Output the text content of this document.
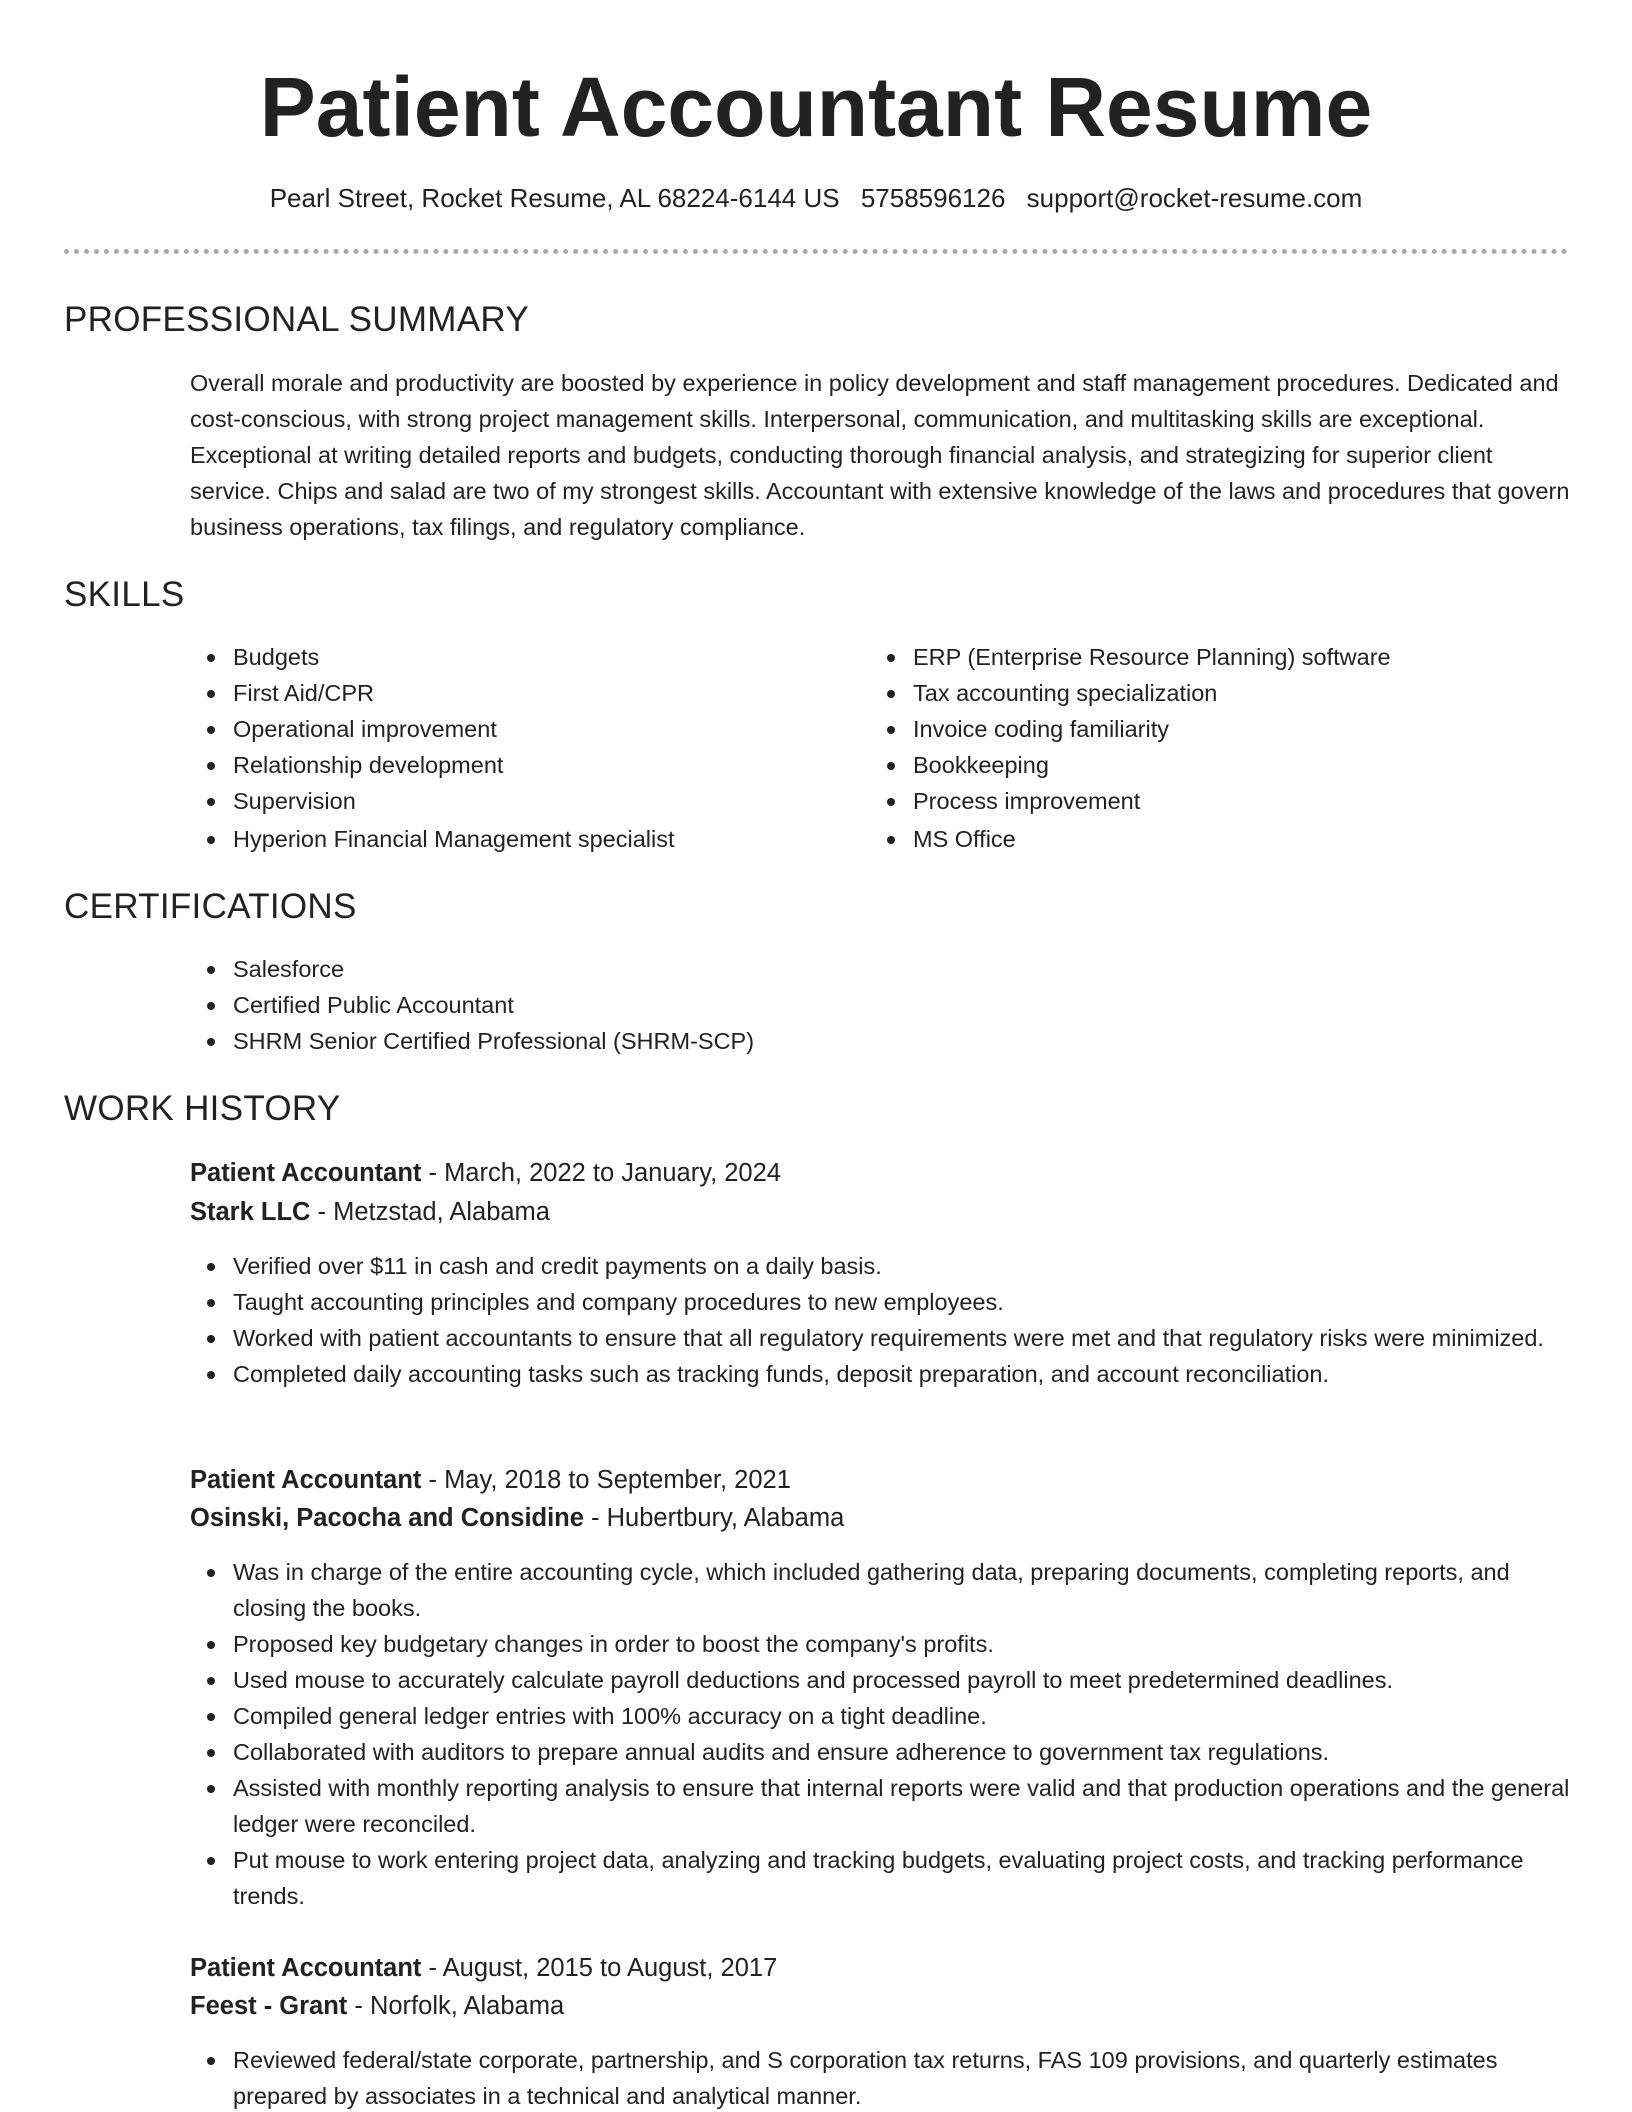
Patient Accountant Resume
Pearl Street, Rocket Resume, AL 68224-6144 US 5758596126 support@rocket-resume.com
PROFESSIONAL SUMMARY
Overall morale and productivity are boosted by experience in policy development and staff management procedures. Dedicated and cost-conscious, with strong project management skills. Interpersonal, communication, and multitasking skills are exceptional. Exceptional at writing detailed reports and budgets, conducting thorough financial analysis, and strategizing for superior client service. Chips and salad are two of my strongest skills. Accountant with extensive knowledge of the laws and procedures that govern business operations, tax filings, and regulatory compliance.
SKILLS
Budgets
First Aid/CPR
Operational improvement
Relationship development
Supervision
Hyperion Financial Management specialist
ERP (Enterprise Resource Planning) software
Tax accounting specialization
Invoice coding familiarity
Bookkeeping
Process improvement
MS Office
CERTIFICATIONS
Salesforce
Certified Public Accountant
SHRM Senior Certified Professional (SHRM-SCP)
WORK HISTORY
Patient Accountant - March, 2022 to January, 2024
Stark LLC - Metzstad, Alabama
Verified over $11 in cash and credit payments on a daily basis.
Taught accounting principles and company procedures to new employees.
Worked with patient accountants to ensure that all regulatory requirements were met and that regulatory risks were minimized.
Completed daily accounting tasks such as tracking funds, deposit preparation, and account reconciliation.
Patient Accountant - May, 2018 to September, 2021
Osinski, Pacocha and Considine - Hubertbury, Alabama
Was in charge of the entire accounting cycle, which included gathering data, preparing documents, completing reports, and closing the books.
Proposed key budgetary changes in order to boost the company's profits.
Used mouse to accurately calculate payroll deductions and processed payroll to meet predetermined deadlines.
Compiled general ledger entries with 100% accuracy on a tight deadline.
Collaborated with auditors to prepare annual audits and ensure adherence to government tax regulations.
Assisted with monthly reporting analysis to ensure that internal reports were valid and that production operations and the general ledger were reconciled.
Put mouse to work entering project data, analyzing and tracking budgets, evaluating project costs, and tracking performance trends.
Patient Accountant - August, 2015 to August, 2017
Feest - Grant - Norfolk, Alabama
Reviewed federal/state corporate, partnership, and S corporation tax returns, FAS 109 provisions, and quarterly estimates prepared by associates in a technical and analytical manner.
